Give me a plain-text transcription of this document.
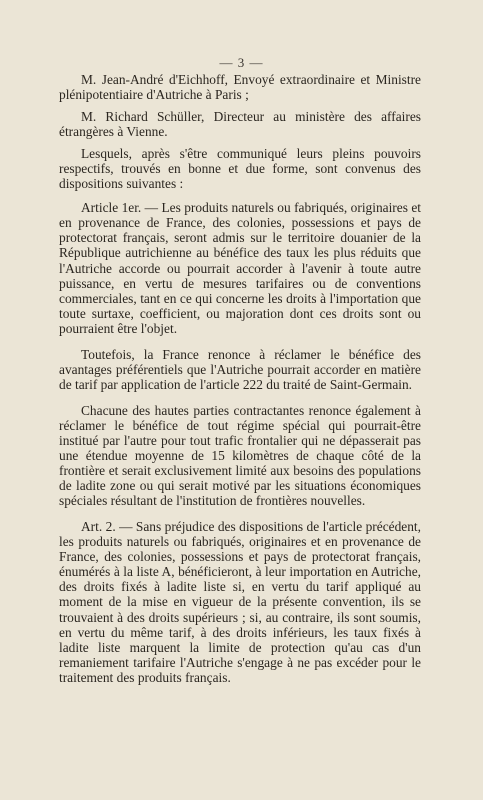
— 3 —

M. Jean-André d'Eichhoff, Envoyé extraordinaire et Ministre plénipotentiaire d'Autriche à Paris ;

M. Richard Schüller, Directeur au ministère des affaires étrangères à Vienne.

Lesquels, après s'être communiqué leurs pleins pouvoirs respectifs, trouvés en bonne et due forme, sont convenus des dispositions suivantes :

Article 1er. — Les produits naturels ou fabriqués, originaires et en provenance de France, des colonies, possessions et pays de protectorat français, seront admis sur le territoire douanier de la République autrichienne au bénéfice des taux les plus réduits que l'Autriche accorde ou pourrait accorder à l'avenir à toute autre puissance, en vertu de mesures tarifaires ou de conventions commerciales, tant en ce qui concerne les droits à l'importation que toute surtaxe, coefficient, ou majoration dont ces droits sont ou pourraient être l'objet.

Toutefois, la France renonce à réclamer le bénéfice des avantages préférentiels que l'Autriche pourrait accorder en matière de tarif par application de l'article 222 du traité de Saint-Germain.

Chacune des hautes parties contractantes renonce également à réclamer le bénéfice de tout régime spécial qui pourrait-être institué par l'autre pour tout trafic frontalier qui ne dépasserait pas une étendue moyenne de 15 kilomètres de chaque côté de la frontière et serait exclusivement limité aux besoins des populations de ladite zone ou qui serait motivé par les situations économiques spéciales résultant de l'institution de frontières nouvelles.

Art. 2. — Sans préjudice des dispositions de l'article précédent, les produits naturels ou fabriqués, originaires et en provenance de France, des colonies, possessions et pays de protectorat français, énumérés à la liste A, bénéficieront, à leur importation en Autriche, des droits fixés à ladite liste si, en vertu du tarif appliqué au moment de la mise en vigueur de la présente convention, ils se trouvaient à des droits supérieurs ; si, au contraire, ils sont soumis, en vertu du même tarif, à des droits inférieurs, les taux fixés à ladite liste marquent la limite de protection qu'au cas d'un remaniement tarifaire l'Autriche s'engage à ne pas excéder pour le traitement des produits français.
